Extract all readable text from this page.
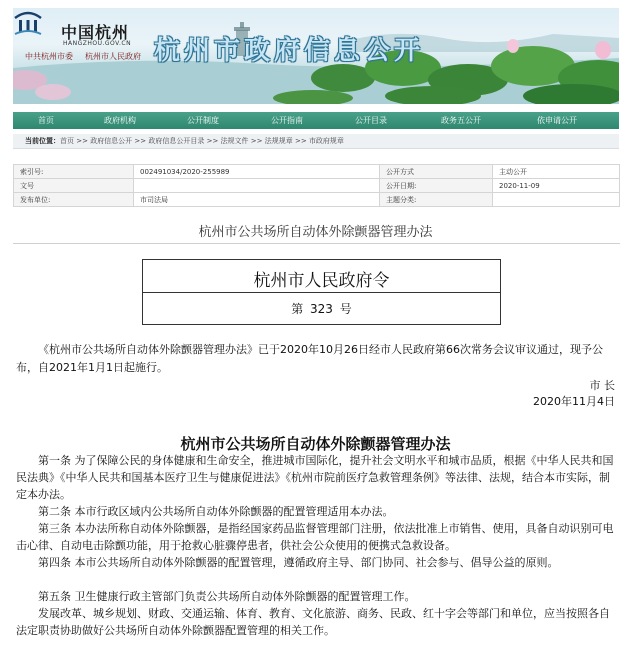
中国杭州
HANGZHOU.GOV.CN
中共杭州市委 杭州市人民政府 杭州市政府信息公开
首页	政府机构	公开制度	公开指南	公开目录	政务五公开	依申请公开
当前位置：首页 >> 政府信息公开 >> 政府信息公开目录 >> 法规文件 >> 法规规章 >> 市政府规章
索引号:	002491034/2020-255989	公开方式	主动公开
文号		公开日期:	2020-11-09
发布单位:	市司法局	主题分类:	
杭州市公共场所自动体外除颤器管理办法
杭州市人民政府令
第 323 号
《杭州市公共场所自动体外除颤器管理办法》已于2020年10月26日经市人民政府第66次常务会议审议通过，现予公布，自2021年1月1日起施行。
市 长
2020年11月4日
杭州市公共场所自动体外除颤器管理办法
第一条 为了保障公民的身体健康和生命安全，推进城市国际化，提升社会文明水平和城市品质，根据《中华人民共和国民法典》《中华人民共和国基本医疗卫生与健康促进法》《杭州市院前医疗急救管理条例》等法律、法规，结合本市实际，制定本办法。
第二条 本市行政区域内公共场所自动体外除颤器的配置管理适用本办法。
第三条 本办法所称自动体外除颤器，是指经国家药品监督管理部门注册，依法批准上市销售、使用，具备自动识别可电击心律、自动电击除颤功能，用于抢救心脏骤停患者，供社会公众使用的便携式急救设备。
第四条 本市公共场所自动体外除颤器的配置管理，遵循政府主导、部门协同、社会参与、倡导公益的原则。
第五条 卫生健康行政主管部门负责公共场所自动体外除颤器的配置管理工作。
发展改革、城乡规划、财政、交通运输、体育、教育、文化旅游、商务、民政、红十字会等部门和单位，应当按照各自法定职责协助做好公共场所自动体外除颤器配置管理的相关工作。
